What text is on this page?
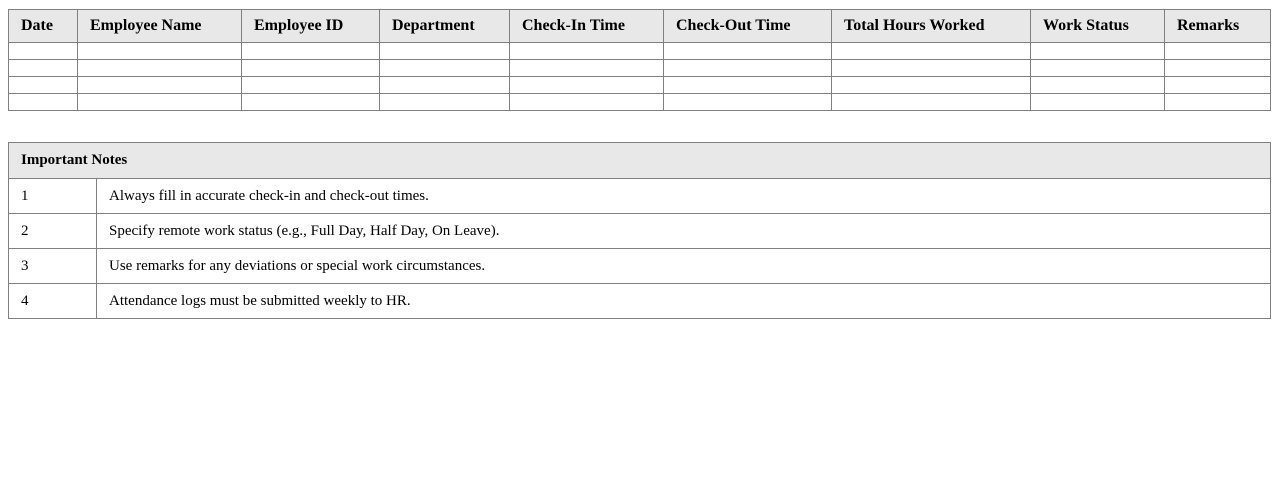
Date	Employee Name	Employee ID	Department	Check-In Time	Check-Out Time	Total Hours Worked	Work Status	Remarks

Important Notes	
1	Always fill in accurate check-in and check-out times.
2	Specify remote work status (e.g., Full Day, Half Day, On Leave).
3	Use remarks for any deviations or special work circumstances.
4	Attendance logs must be submitted weekly to HR.
